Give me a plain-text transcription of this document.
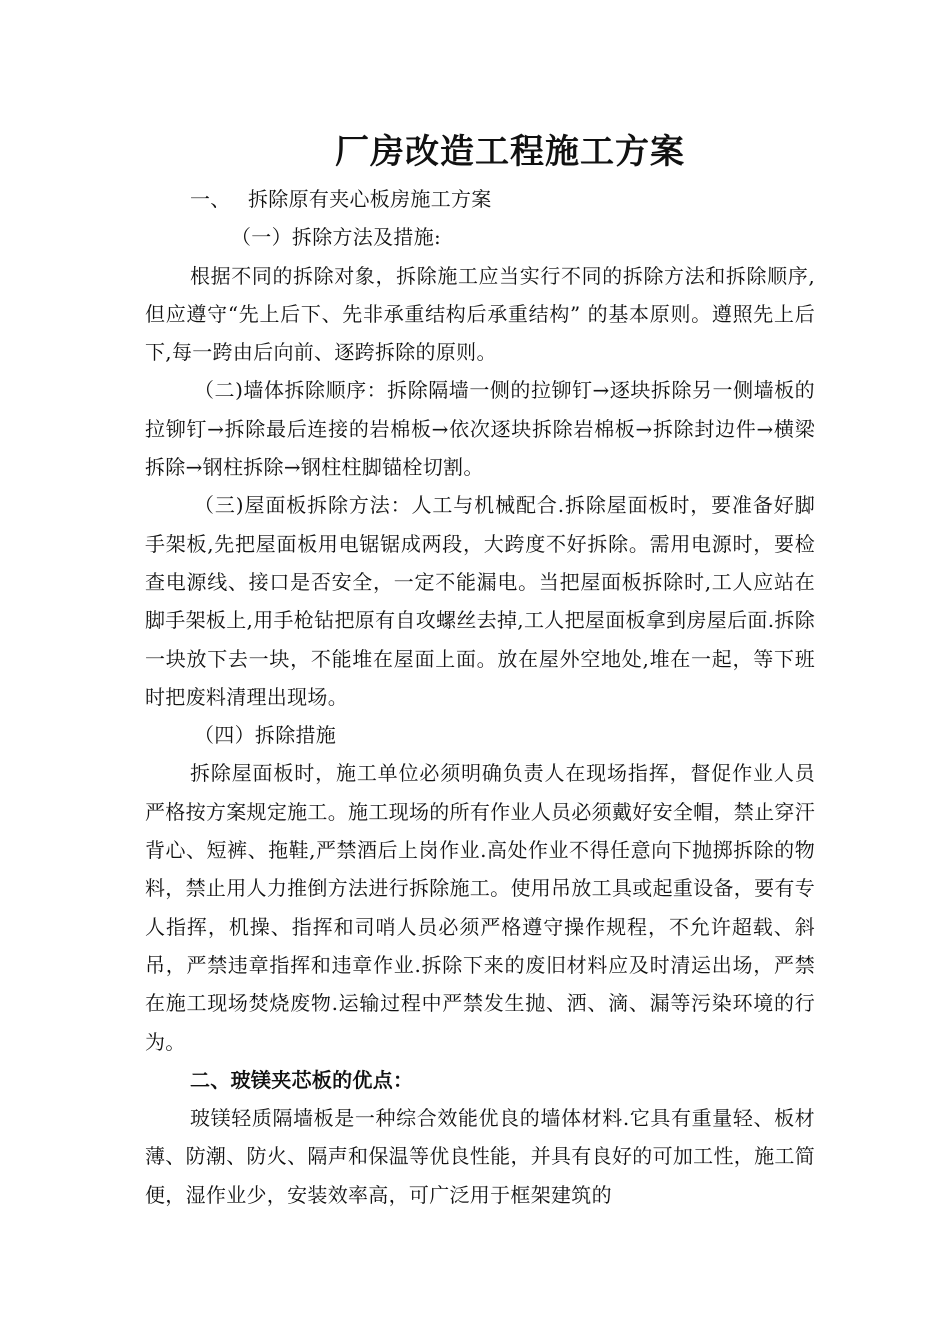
厂房改造工程施工方案

一、 拆除原有夹心板房施工方案

（一）拆除方法及措施:

根据不同的拆除对象，拆除施工应当实行不同的拆除方法和拆除顺序,但应遵守“先上后下、先非承重结构后承重结构” 的基本原则。遵照先上后下,每一跨由后向前、逐跨拆除的原则。

（二)墙体拆除顺序：拆除隔墙一侧的拉铆钉→逐块拆除另一侧墙板的拉铆钉→拆除最后连接的岩棉板→依次逐块拆除岩棉板→拆除封边件→横梁拆除→钢柱拆除→钢柱柱脚锚栓切割。

（三)屋面板拆除方法：人工与机械配合.拆除屋面板时，要准备好脚手架板,先把屋面板用电锯锯成两段，大跨度不好拆除。需用电源时，要检查电源线、接口是否安全，一定不能漏电。当把屋面板拆除时,工人应站在脚手架板上,用手枪钻把原有自攻螺丝去掉,工人把屋面板拿到房屋后面.拆除一块放下去一块，不能堆在屋面上面。放在屋外空地处,堆在一起，等下班时把废料清理出现场。

（四）拆除措施

拆除屋面板时，施工单位必须明确负责人在现场指挥，督促作业人员严格按方案规定施工。施工现场的所有作业人员必须戴好安全帽，禁止穿汗背心、短裤、拖鞋,严禁酒后上岗作业.高处作业不得任意向下抛掷拆除的物料，禁止用人力推倒方法进行拆除施工。使用吊放工具或起重设备，要有专人指挥，机操、指挥和司哨人员必须严格遵守操作规程，不允许超载、斜吊，严禁违章指挥和违章作业.拆除下来的废旧材料应及时清运出场，严禁在施工现场焚烧废物.运输过程中严禁发生抛、洒、滴、漏等污染环境的行为。

二、玻镁夹芯板的优点：

玻镁轻质隔墙板是一种综合效能优良的墙体材料.它具有重量轻、板材薄、防潮、防火、隔声和保温等优良性能，并具有良好的可加工性，施工简便，湿作业少，安装效率高，可广泛用于框架建筑的
